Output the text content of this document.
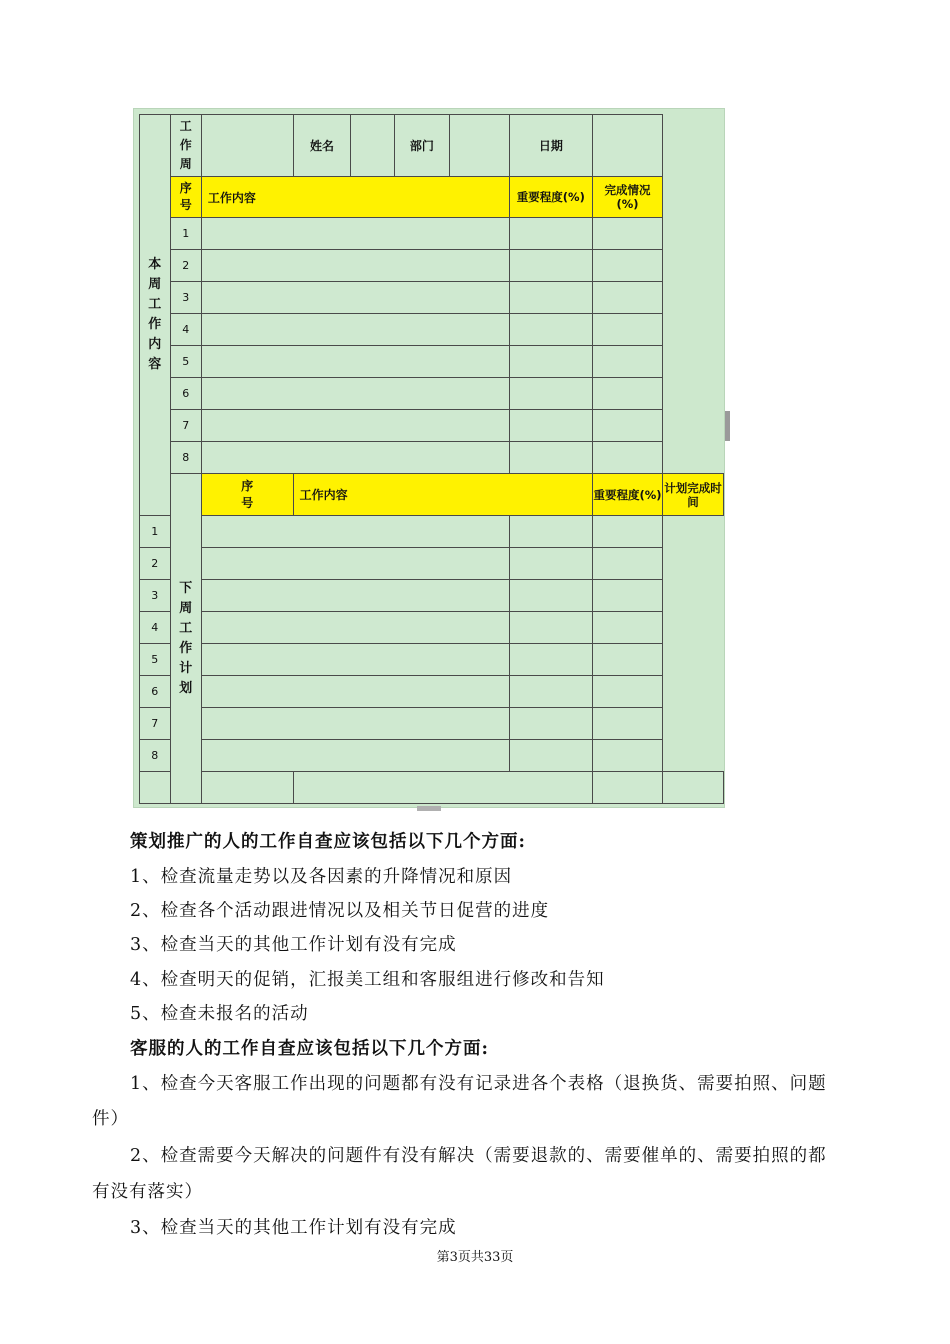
本周工作内容	工作周		姓名		部门		日期		
	序号	工作内容					重要程度(%)	完成情况(%)	

	1								
	2								
	3								
	4								
	5								
	6								
	7								
	8								
	下周工作计划	序号	工作内容					重要程度(%)	计划完成时间

1									
2									
3									
4									
5									
6									
7									
8									

策划推广的人的工作自查应该包括以下几个方面:
1、检查流量走势以及各因素的升降情况和原因
2、检查各个活动跟进情况以及相关节日促营的进度
3、检查当天的其他工作计划有没有完成
4、检查明天的促销，汇报美工组和客服组进行修改和告知
5、检查未报名的活动
客服的人的工作自查应该包括以下几个方面:
1、检查今天客服工作出现的问题都有没有记录进各个表格（退换货、需要拍照、问题
件）
2、检查需要今天解决的问题件有没有解决（需要退款的、需要催单的、需要拍照的都
有没有落实）
3、检查当天的其他工作计划有没有完成
第3页共33页
